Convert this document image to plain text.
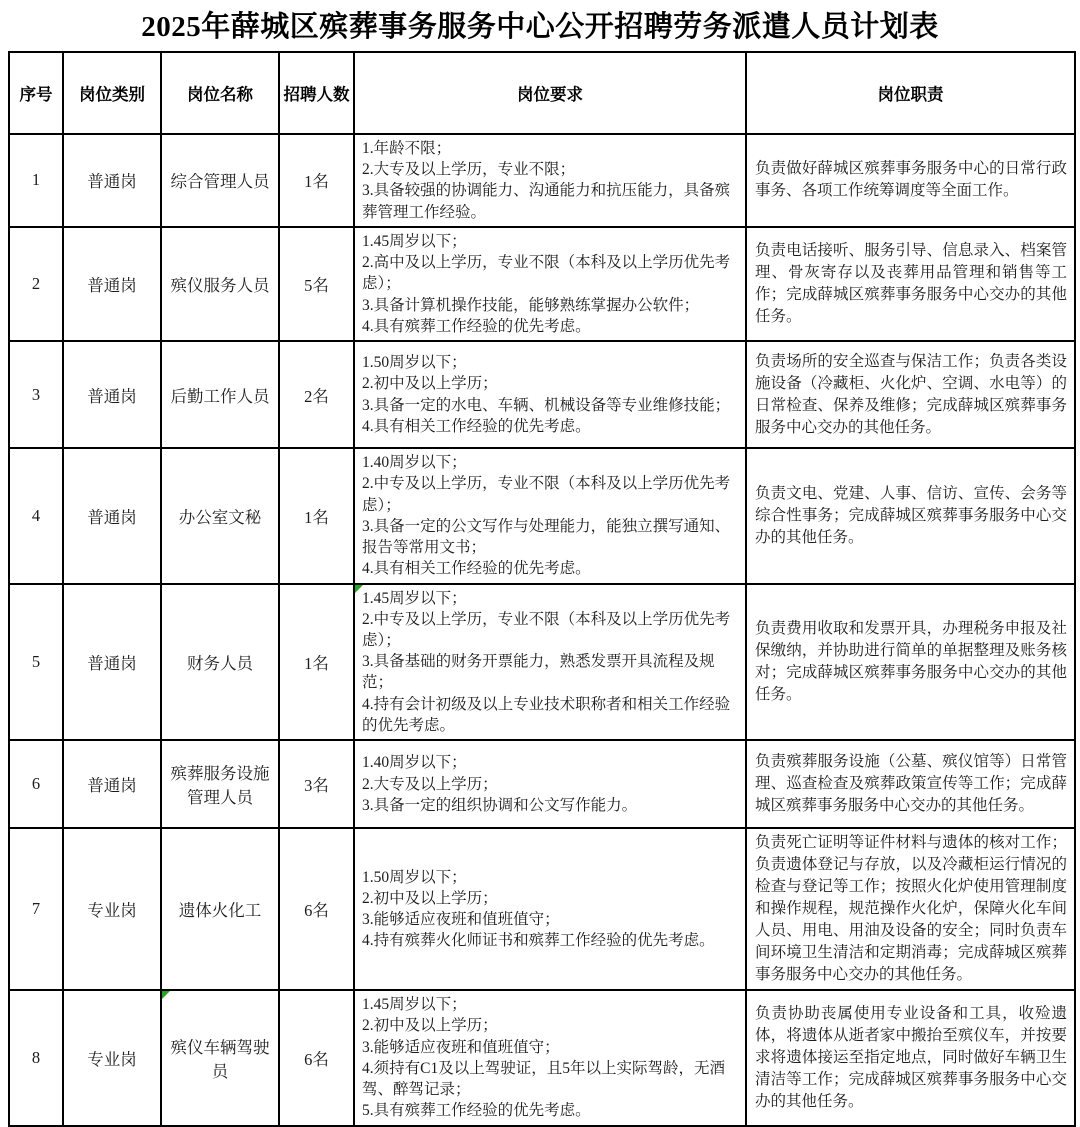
2025年薛城区殡葬事务服务中心公开招聘劳务派遣人员计划表
序号	岗位类别	岗位名称	招聘人数	岗位要求	岗位职责
1	普通岗	综合管理人员	1名	1.年龄不限；
2.大专及以上学历，专业不限；
3.具备较强的协调能力、沟通能力和抗压能力，具备殡葬管理工作经验。	负责做好薛城区殡葬事务服务中心的日常行政事务、各项工作统筹调度等全面工作。
2	普通岗	殡仪服务人员	5名	1.45周岁以下；
2.高中及以上学历，专业不限（本科及以上学历优先考虑）；
3.具备计算机操作技能，能够熟练掌握办公软件；
4.具有殡葬工作经验的优先考虑。	负责电话接听、服务引导、信息录入、档案管理、骨灰寄存以及丧葬用品管理和销售等工作；完成薛城区殡葬事务服务中心交办的其他任务。
3	普通岗	后勤工作人员	2名	1.50周岁以下；
2.初中及以上学历；
3.具备一定的水电、车辆、机械设备等专业维修技能；
4.具有相关工作经验的优先考虑。	负责场所的安全巡查与保洁工作；负责各类设施设备（冷藏柜、火化炉、空调、水电等）的日常检查、保养及维修；完成薛城区殡葬事务服务中心交办的其他任务。
4	普通岗	办公室文秘	1名	1.40周岁以下；
2.中专及以上学历，专业不限（本科及以上学历优先考虑）；
3.具备一定的公文写作与处理能力，能独立撰写通知、报告等常用文书；
4.具有相关工作经验的优先考虑。	负责文电、党建、人事、信访、宣传、会务等综合性事务；完成薛城区殡葬事务服务中心交办的其他任务。
5	普通岗	财务人员	1名	1.45周岁以下；
2.中专及以上学历，专业不限（本科及以上学历优先考虑）；
3.具备基础的财务开票能力，熟悉发票开具流程及规范；
4.持有会计初级及以上专业技术职称者和相关工作经验的优先考虑。	负责费用收取和发票开具，办理税务申报及社保缴纳，并协助进行简单的单据整理及账务核对；完成薛城区殡葬事务服务中心交办的其他任务。
6	普通岗	殡葬服务设施管理人员	3名	1.40周岁以下；
2.大专及以上学历；
3.具备一定的组织协调和公文写作能力。	负责殡葬服务设施（公墓、殡仪馆等）日常管理、巡查检查及殡葬政策宣传等工作；完成薛城区殡葬事务服务中心交办的其他任务。
7	专业岗	遗体火化工	6名	1.50周岁以下；
2.初中及以上学历；
3.能够适应夜班和值班值守；
4.持有殡葬火化师证书和殡葬工作经验的优先考虑。	负责死亡证明等证件材料与遗体的核对工作；负责遗体登记与存放，以及冷藏柜运行情况的检查与登记等工作；按照火化炉使用管理制度和操作规程，规范操作火化炉，保障火化车间人员、用电、用油及设备的安全；同时负责车间环境卫生清洁和定期消毒；完成薛城区殡葬事务服务中心交办的其他任务。
8	专业岗	殡仪车辆驾驶员	6名	1.45周岁以下；
2.初中及以上学历；
3.能够适应夜班和值班值守；
4.须持有C1及以上驾驶证，且5年以上实际驾龄，无酒驾、醉驾记录；
5.具有殡葬工作经验的优先考虑。	负责协助丧属使用专业设备和工具，收殓遗体，将遗体从逝者家中搬抬至殡仪车，并按要求将遗体接运至指定地点，同时做好车辆卫生清洁等工作；完成薛城区殡葬事务服务中心交办的其他任务。
